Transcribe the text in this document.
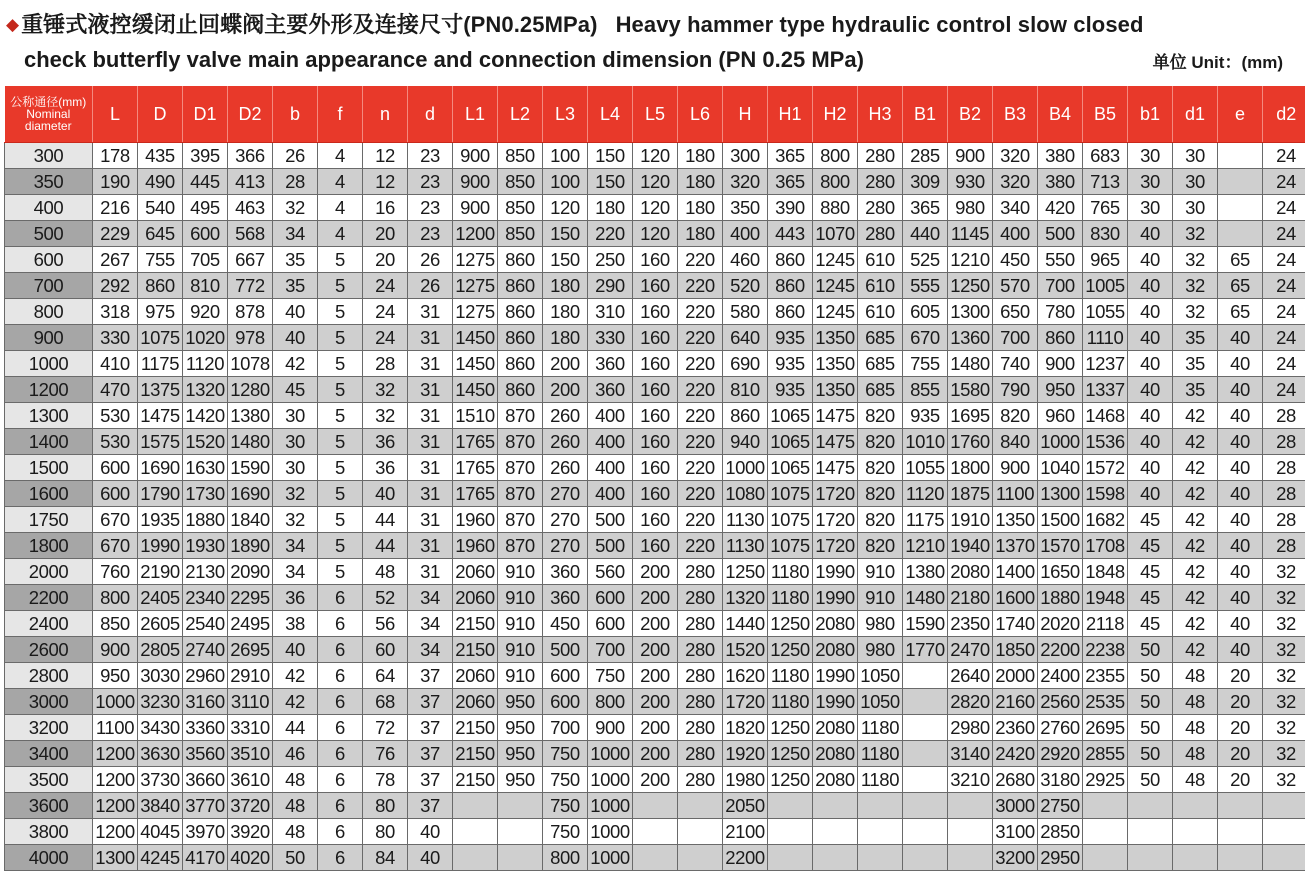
◆重锤式液控缓闭止回蝶阀主要外形及连接尺寸(PN0.25MPa) Heavy hammer type hydraulic control slow closed
check butterfly valve main appearance and connection dimension (PN 0.25 MPa)	单位 Unit：(mm)
公称通径(mm)
Nominal
diameter	L	D	D1	D2	b	f	n	d	L1	L2	L3	L4	L5	L6	H	H1	H2	H3	B1	B2	B3	B4	B5	b1	d1	e	d2
300	178	435	395	366	26	4	12	23	900	850	100	150	120	180	300	365	800	280	285	900	320	380	683	30	30		24
350	190	490	445	413	28	4	12	23	900	850	100	150	120	180	320	365	800	280	309	930	320	380	713	30	30		24
400	216	540	495	463	32	4	16	23	900	850	120	180	120	180	350	390	880	280	365	980	340	420	765	30	30		24
500	229	645	600	568	34	4	20	23	1200	850	150	220	120	180	400	443	1070	280	440	1145	400	500	830	40	32		24
600	267	755	705	667	35	5	20	26	1275	860	150	250	160	220	460	860	1245	610	525	1210	450	550	965	40	32	65	24
700	292	860	810	772	35	5	24	26	1275	860	180	290	160	220	520	860	1245	610	555	1250	570	700	1005	40	32	65	24
800	318	975	920	878	40	5	24	31	1275	860	180	310	160	220	580	860	1245	610	605	1300	650	780	1055	40	32	65	24
900	330	1075	1020	978	40	5	24	31	1450	860	180	330	160	220	640	935	1350	685	670	1360	700	860	1110	40	35	40	24
1000	410	1175	1120	1078	42	5	28	31	1450	860	200	360	160	220	690	935	1350	685	755	1480	740	900	1237	40	35	40	24
1200	470	1375	1320	1280	45	5	32	31	1450	860	200	360	160	220	810	935	1350	685	855	1580	790	950	1337	40	35	40	24
1300	530	1475	1420	1380	30	5	32	31	1510	870	260	400	160	220	860	1065	1475	820	935	1695	820	960	1468	40	42	40	28
1400	530	1575	1520	1480	30	5	36	31	1765	870	260	400	160	220	940	1065	1475	820	1010	1760	840	1000	1536	40	42	40	28
1500	600	1690	1630	1590	30	5	36	31	1765	870	260	400	160	220	1000	1065	1475	820	1055	1800	900	1040	1572	40	42	40	28
1600	600	1790	1730	1690	32	5	40	31	1765	870	270	400	160	220	1080	1075	1720	820	1120	1875	1100	1300	1598	40	42	40	28
1750	670	1935	1880	1840	32	5	44	31	1960	870	270	500	160	220	1130	1075	1720	820	1175	1910	1350	1500	1682	45	42	40	28
1800	670	1990	1930	1890	34	5	44	31	1960	870	270	500	160	220	1130	1075	1720	820	1210	1940	1370	1570	1708	45	42	40	28
2000	760	2190	2130	2090	34	5	48	31	2060	910	360	560	200	280	1250	1180	1990	910	1380	2080	1400	1650	1848	45	42	40	32
2200	800	2405	2340	2295	36	6	52	34	2060	910	360	600	200	280	1320	1180	1990	910	1480	2180	1600	1880	1948	45	42	40	32
2400	850	2605	2540	2495	38	6	56	34	2150	910	450	600	200	280	1440	1250	2080	980	1590	2350	1740	2020	2118	45	42	40	32
2600	900	2805	2740	2695	40	6	60	34	2150	910	500	700	200	280	1520	1250	2080	980	1770	2470	1850	2200	2238	50	42	40	32
2800	950	3030	2960	2910	42	6	64	37	2060	910	600	750	200	280	1620	1180	1990	1050		2640	2000	2400	2355	50	48	20	32
3000	1000	3230	3160	3110	42	6	68	37	2060	950	600	800	200	280	1720	1180	1990	1050		2820	2160	2560	2535	50	48	20	32
3200	1100	3430	3360	3310	44	6	72	37	2150	950	700	900	200	280	1820	1250	2080	1180		2980	2360	2760	2695	50	48	20	32
3400	1200	3630	3560	3510	46	6	76	37	2150	950	750	1000	200	280	1920	1250	2080	1180		3140	2420	2920	2855	50	48	20	32
3500	1200	3730	3660	3610	48	6	78	37	2150	950	750	1000	200	280	1980	1250	2080	1180		3210	2680	3180	2925	50	48	20	32
3600	1200	3840	3770	3720	48	6	80	37			750	1000			2050						3000	2750					
3800	1200	4045	3970	3920	48	6	80	40			750	1000			2100						3100	2850					
4000	1300	4245	4170	4020	50	6	84	40			800	1000			2200						3200	2950					
